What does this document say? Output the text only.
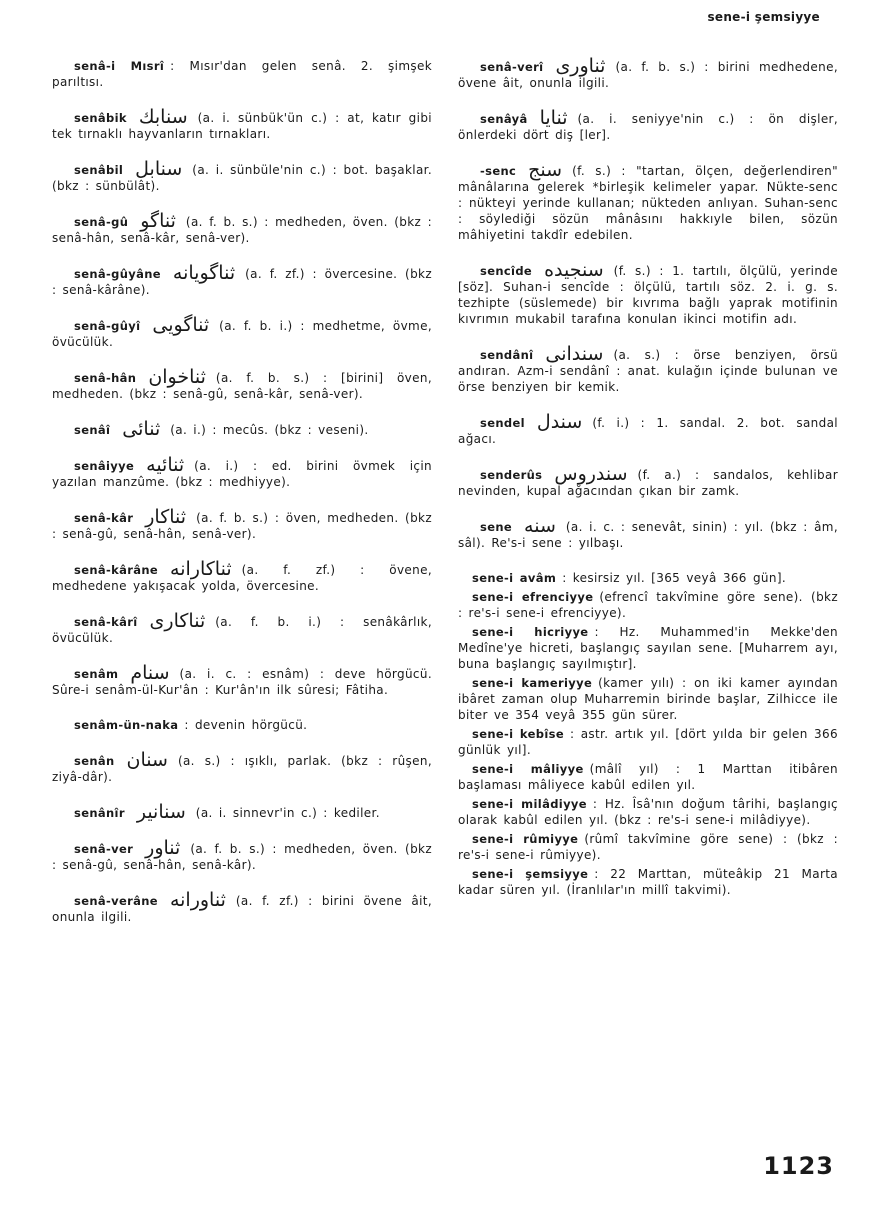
sene-i şemsiyye
senâ-i Mısrî : Mısır'dan gelen senâ. 2. şimşek parıltısı.
senâbik سنابك (a. i. sünbük'ün c.) : at, katır gibi tek tırnaklı hayvanların tırnakları.
senâbil سنابل (a. i. sünbüle'nin c.) : bot. başaklar. (bkz : sünbülât).
senâ-gû ثناگو (a. f. b. s.) : medheden, öven. (bkz : senâ-hân, senâ-kâr, senâ-ver).
senâ-gûyâne ثناگویانه (a. f. zf.) : övercesine. (bkz : senâ-kârâne).
senâ-gûyî ثناگویی (a. f. b. i.) : medhetme, övme, övücülük.
senâ-hân ثناخوان (a. f. b. s.) : [birini] öven, medheden. (bkz : senâ-gû, senâ-kâr, senâ-ver).
senâî ثنائی (a. i.) : mecûs. (bkz : veseni).
senâiyye ثنائیه (a. i.) : ed. birini övmek için yazılan manzûme. (bkz : medhiyye).
senâ-kâr ثناکار (a. f. b. s.) : öven, medheden. (bkz : senâ-gû, senâ-hân, senâ-ver).
senâ-kârâne ثناکارانه (a. f. zf.) : övene, medhedene yakışacak yolda, övercesine.
senâ-kârî ثناکاری (a. f. b. i.) : senâkârlık, övücülük.
senâm سنام (a. i. c. : esnâm) : deve hörgücü. Sûre-i senâm-ül-Kur'ân : Kur'ân'ın ilk sûresi; Fâtiha.
senâm-ün-naka : devenin hörgücü.
senân سنان (a. s.) : ışıklı, parlak. (bkz : rûşen, ziyâ-dâr).
senânîr سنانیر (a. i. sinnevr'in c.) : kediler.
senâ-ver ثناور (a. f. b. s.) : medheden, öven. (bkz : senâ-gû, senâ-hân, senâ-kâr).
senâ-verâne ثناورانه (a. f. zf.) : birini övene âit, onunla ilgili.
senâ-verî ثناوری (a. f. b. s.) : birini medhedene, övene âit, onunla ilgili.
senâyâ ثنایا (a. i. seniyye'nin c.) : ön dişler, önlerdeki dört diş [ler].
-senc سنج (f. s.) : "tartan, ölçen, değerlendiren" mânâlarına gelerek *birleşik kelimeler yapar. Nükte-senc : nükteyi yerinde kullanan; nükteden anlıyan. Suhan-senc : söylediği sözün mânâsını hakkıyle bilen, sözün mâhiyetini takdîr edebilen.
sencîde سنجیده (f. s.) : 1. tartılı, ölçülü, yerinde [söz]. Suhan-i sencîde : ölçülü, tartılı söz. 2. i. g. s. tezhipte (süslemede) bir kıvrıma bağlı yaprak motifinin kıvrımın mukabil tarafına konulan ikinci motifin adı.
sendânî سندانی (a. s.) : örse benziyen, örsü andıran. Azm-i sendânî : anat. kulağın içinde bulunan ve örse benziyen bir kemik.
sendel سندل (f. i.) : 1. sandal. 2. bot. sandal ağacı.
senderûs سندروس (f. a.) : sandalos, kehlibar nevinden, kupal ağacından çıkan bir zamk.
sene سنه (a. i. c. : senevât, sinin) : yıl. (bkz : âm, sâl). Re's-i sene : yılbaşı.
sene-i avâm : kesirsiz yıl. [365 veyâ 366 gün].
sene-i efrenciyye (efrencî takvîmine göre sene). (bkz : re's-i sene-i efrenciyye).
sene-i hicriyye : Hz. Muhammed'in Mekke'den Medîne'ye hicreti, başlangıç sayılan sene. [Muharrem ayı, buna başlangıç sayılmıştır].
sene-i kameriyye (kamer yılı) : on iki kamer ayından ibâret zaman olup Muharremin birinde başlar, Zilhicce ile biter ve 354 veyâ 355 gün sürer.
sene-i kebîse : astr. artık yıl. [dört yılda bir gelen 366 günlük yıl].
sene-i mâliyye (mâlî yıl) : 1 Marttan itibâren başlaması mâliyece kabûl edilen yıl.
sene-i milâdiyye : Hz. Îsâ'nın doğum târihi, başlangıç olarak kabûl edilen yıl. (bkz : re's-i sene-i milâdiyye).
sene-i rûmiyye (rûmî takvîmine göre sene) : (bkz : re's-i sene-i rûmiyye).
sene-i şemsiyye : 22 Marttan, müteâkip 21 Marta kadar süren yıl. (İranlılar'ın millî takvimi).
1123
